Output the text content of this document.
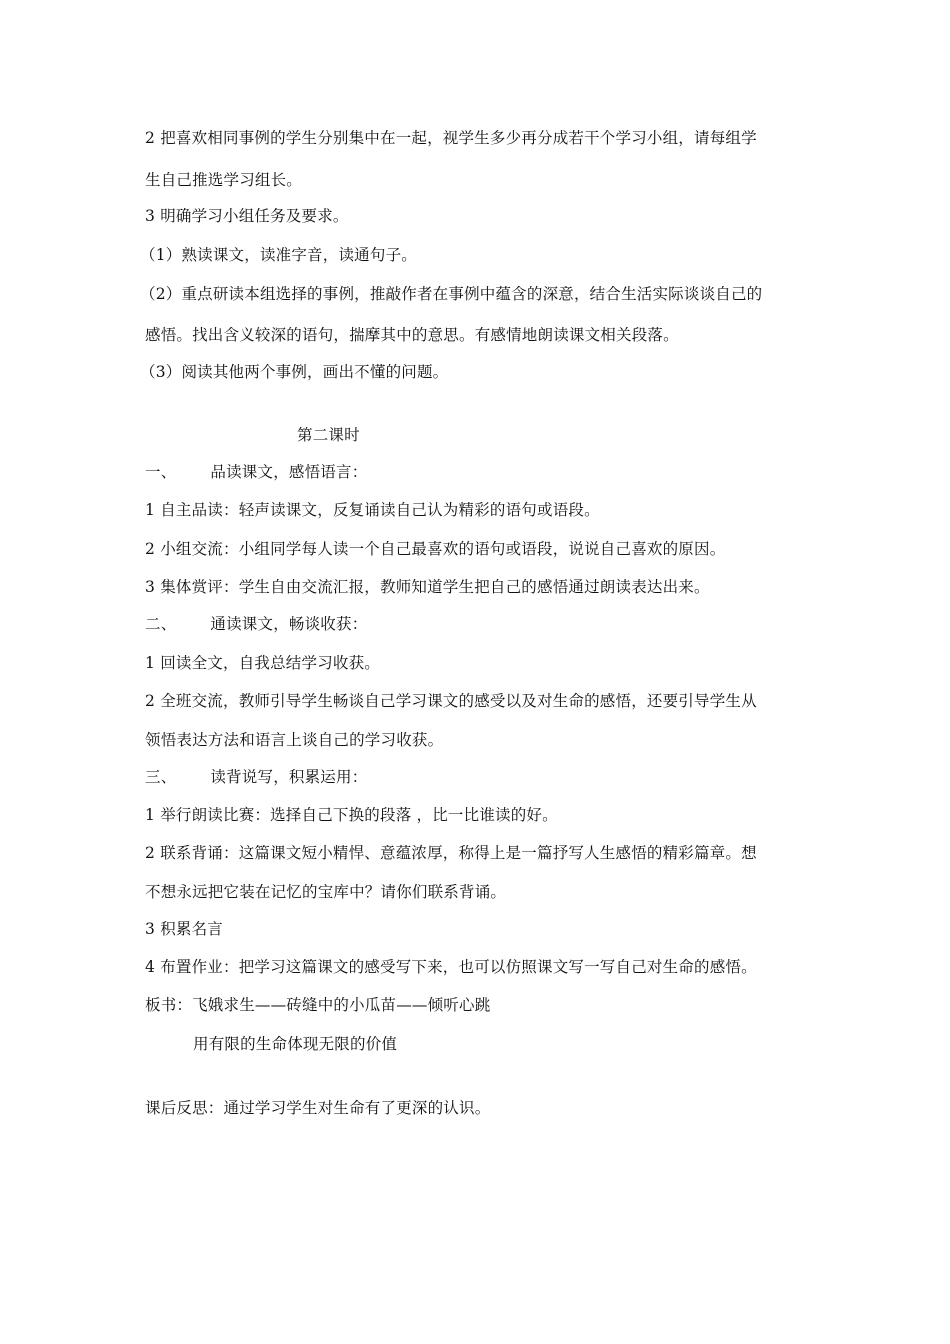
2 把喜欢相同事例的学生分别集中在一起，视学生多少再分成若干个学习小组，请每组学
生自己推选学习组长。
3 明确学习小组任务及要求。
（1）熟读课文，读准字音，读通句子。
（2）重点研读本组选择的事例，推敲作者在事例中蕴含的深意，结合生活实际谈谈自己的
感悟。找出含义较深的语句，揣摩其中的意思。有感情地朗读课文相关段落。
（3）阅读其他两个事例，画出不懂的问题。
第二课时
一、 品读课文，感悟语言：
1 自主品读：轻声读课文，反复诵读自己认为精彩的语句或语段。
2 小组交流：小组同学每人读一个自己最喜欢的语句或语段，说说自己喜欢的原因。
3 集体赏评：学生自由交流汇报，教师知道学生把自己的感悟通过朗读表达出来。
二、 通读课文，畅谈收获：
1 回读全文，自我总结学习收获。
2 全班交流，教师引导学生畅谈自己学习课文的感受以及对生命的感悟，还要引导学生从
领悟表达方法和语言上谈自己的学习收获。
三、 读背说写，积累运用：
1 举行朗读比赛：选择自己下换的段落 ，比一比谁读的好。
2 联系背诵：这篇课文短小精悍、意蕴浓厚，称得上是一篇抒写人生感悟的精彩篇章。想
不想永远把它装在记忆的宝库中？请你们联系背诵。
3 积累名言
4 布置作业：把学习这篇课文的感受写下来，也可以仿照课文写一写自己对生命的感悟。
板书：飞娥求生——砖缝中的小瓜苗——倾听心跳
用有限的生命体现无限的价值
课后反思：通过学习学生对生命有了更深的认识。
